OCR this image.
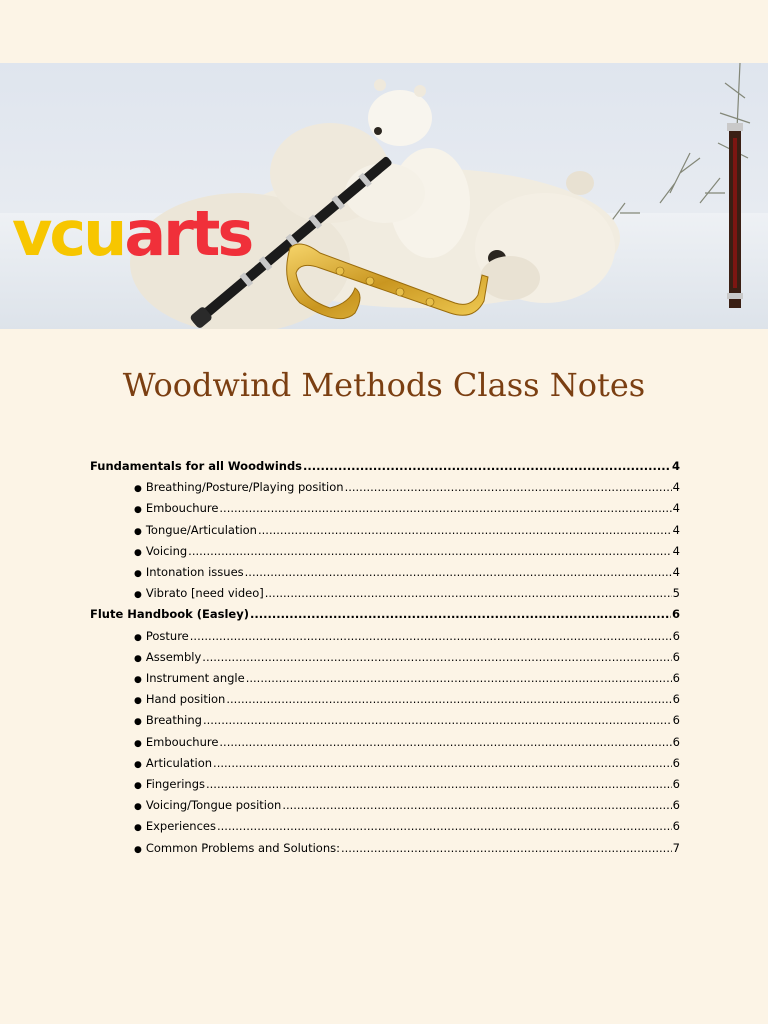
vcuarts
Woodwind Methods Class Notes
Fundamentals for all Woodwinds .....	4
● Breathing/Posture/Playing position .....	4
● Embouchure .....	4
● Tongue/Articulation .....	4
● Voicing .....	4
● Intonation issues .....	4
● Vibrato [need video] .....	5
Flute Handbook (Easley) .....	6
● Posture .....	6
● Assembly .....	6
● Instrument angle .....	6
● Hand position .....	6
● Breathing .....	6
● Embouchure .....	6
● Articulation .....	6
● Fingerings .....	6
● Voicing/Tongue position .....	6
● Experiences .....	6
● Common Problems and Solutions: .....	7
